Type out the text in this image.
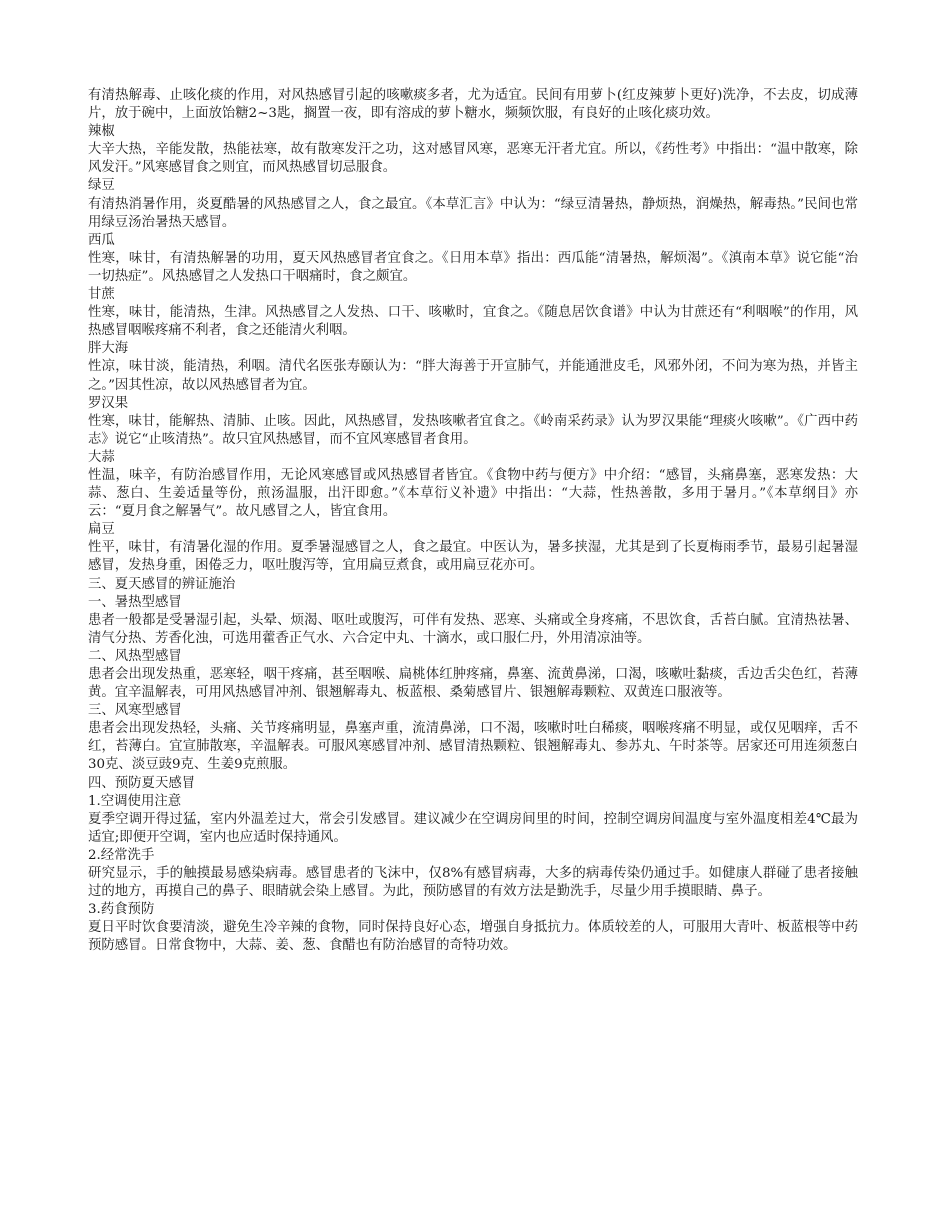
有清热解毒、止咳化痰的作用，对风热感冒引起的咳嗽痰多者，尤为适宜。民间有用萝卜(红皮辣萝卜更好)洗净，不去皮，切成薄片，放于碗中，上面放饴糖2~3匙，搁置一夜，即有溶成的萝卜糖水，频频饮服，有良好的止咳化痰功效。

辣椒

大辛大热，辛能发散，热能祛寒，故有散寒发汗之功，这对感冒风寒，恶寒无汗者尤宜。所以，《药性考》中指出：“温中散寒，除风发汗。”风寒感冒食之则宜，而风热感冒切忌服食。

绿豆

有清热消暑作用，炎夏酷暑的风热感冒之人，食之最宜。《本草汇言》中认为：“绿豆清暑热，静烦热，润燥热，解毒热。”民间也常用绿豆汤治暑热天感冒。

西瓜

性寒，味甘，有清热解暑的功用，夏天风热感冒者宜食之。《日用本草》指出：西瓜能“清暑热，解烦渴”。《滇南本草》说它能“治一切热症”。风热感冒之人发热口干咽痛时，食之颇宜。

甘蔗

性寒，味甘，能清热，生津。风热感冒之人发热、口干、咳嗽时，宜食之。《随息居饮食谱》中认为甘蔗还有“利咽喉”的作用，风热感冒咽喉疼痛不利者，食之还能清火利咽。

胖大海

性凉，味甘淡，能清热，利咽。清代名医张寿颐认为：“胖大海善于开宣肺气，并能通泄皮毛，风邪外闭，不问为寒为热，并皆主之。”因其性凉，故以风热感冒者为宜。

罗汉果

性寒，味甘，能解热、清肺、止咳。因此，风热感冒，发热咳嗽者宜食之。《岭南采药录》认为罗汉果能“理痰火咳嗽”。《广西中药志》说它“止咳清热”。故只宜风热感冒，而不宜风寒感冒者食用。

大蒜

性温，味辛，有防治感冒作用，无论风寒感冒或风热感冒者皆宜。《食物中药与便方》中介绍：“感冒，头痛鼻塞，恶寒发热：大蒜、葱白、生姜适量等份，煎汤温服，出汗即愈。”《本草衍义补遗》中指出：“大蒜，性热善散，多用于暑月。”《本草纲目》亦云：“夏月食之解暑气”。故凡感冒之人，皆宜食用。

扁豆

性平，味甘，有清暑化湿的作用。夏季暑湿感冒之人，食之最宜。中医认为，暑多挟湿，尤其是到了长夏梅雨季节，最易引起暑湿感冒，发热身重，困倦乏力，呕吐腹泻等，宜用扁豆煮食，或用扁豆花亦可。

三、夏天感冒的辨证施治

一、暑热型感冒

患者一般都是受暑湿引起，头晕、烦渴、呕吐或腹泻，可伴有发热、恶寒、头痛或全身疼痛，不思饮食，舌苔白腻。宜清热祛暑、清气分热、芳香化浊，可选用藿香正气水、六合定中丸、十滴水，或口服仁丹，外用清凉油等。

二、风热型感冒

患者会出现发热重，恶寒轻，咽干疼痛，甚至咽喉、扁桃体红肿疼痛，鼻塞、流黄鼻涕，口渴，咳嗽吐黏痰，舌边舌尖色红，苔薄黄。宜辛温解表，可用风热感冒冲剂、银翘解毒丸、板蓝根、桑菊感冒片、银翘解毒颗粒、双黄连口服液等。

三、风寒型感冒

患者会出现发热轻，头痛、关节疼痛明显，鼻塞声重，流清鼻涕，口不渴，咳嗽时吐白稀痰，咽喉疼痛不明显，或仅见咽痒，舌不红，苔薄白。宜宣肺散寒，辛温解表。可服风寒感冒冲剂、感冒清热颗粒、银翘解毒丸、参苏丸、午时茶等。居家还可用连须葱白30克、淡豆豉9克、生姜9克煎服。

四、预防夏天感冒

1.空调使用注意

夏季空调开得过猛，室内外温差过大，常会引发感冒。建议减少在空调房间里的时间，控制空调房间温度与室外温度相差4℃最为适宜;即便开空调，室内也应适时保持通风。

2.经常洗手

研究显示，手的触摸最易感染病毒。感冒患者的飞沫中，仅8%有感冒病毒，大多的病毒传染仍通过手。如健康人群碰了患者接触过的地方，再摸自己的鼻子、眼睛就会染上感冒。为此，预防感冒的有效方法是勤洗手，尽量少用手摸眼睛、鼻子。

3.药食预防

夏日平时饮食要清淡，避免生冷辛辣的食物，同时保持良好心态，增强自身抵抗力。体质较差的人，可服用大青叶、板蓝根等中药预防感冒。日常食物中，大蒜、姜、葱、食醋也有防治感冒的奇特功效。
